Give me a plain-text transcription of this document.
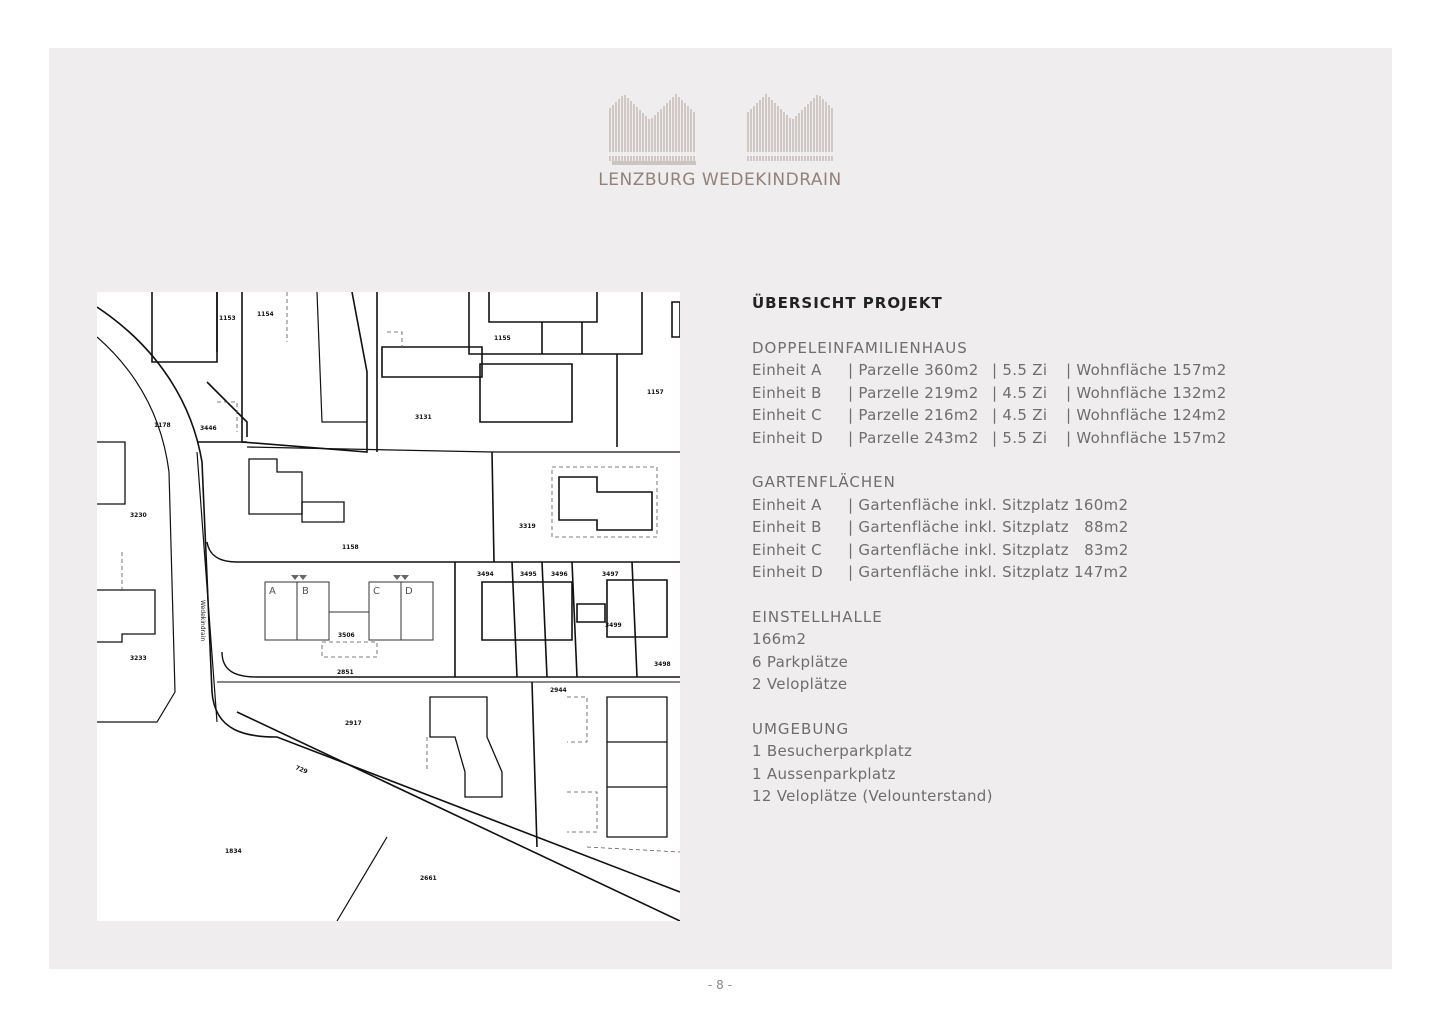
LENZBURG WEDEKINDRAIN
A	B	C	D
1153
1154
1155
1157
1178	3446
3131
3230
1158
3319
3494	3495 3496	3497
3499
3498
3506
3233
2851
2944
2917
729
1834
2661
Wedekindrain
ÜBERSICHT PROJEKT
DOPPELEINFAMILIENHAUS
Einheit A	| Parzelle 360m2 | 5.5 Zi	| Wohnfläche 157m2
Einheit B	| Parzelle 219m2 | 4.5 Zi	| Wohnfläche 132m2
Einheit C	| Parzelle 216m2 | 4.5 Zi	| Wohnfläche 124m2
Einheit D	| Parzelle 243m2 | 5.5 Zi	| Wohnfläche 157m2
GARTENFLÄCHEN
Einheit A	| Gartenfläche inkl. Sitzplatz 160m2
Einheit B	| Gartenfläche inkl. Sitzplatz   88m2
Einheit C	| Gartenfläche inkl. Sitzplatz   83m2
Einheit D	| Gartenfläche inkl. Sitzplatz 147m2
EINSTELLHALLE
166m2
6 Parkplätze
2 Veloplätze
UMGEBUNG
1 Besucherparkplatz
1 Aussenparkplatz
12 Veloplätze (Velounterstand)
- 8 -
